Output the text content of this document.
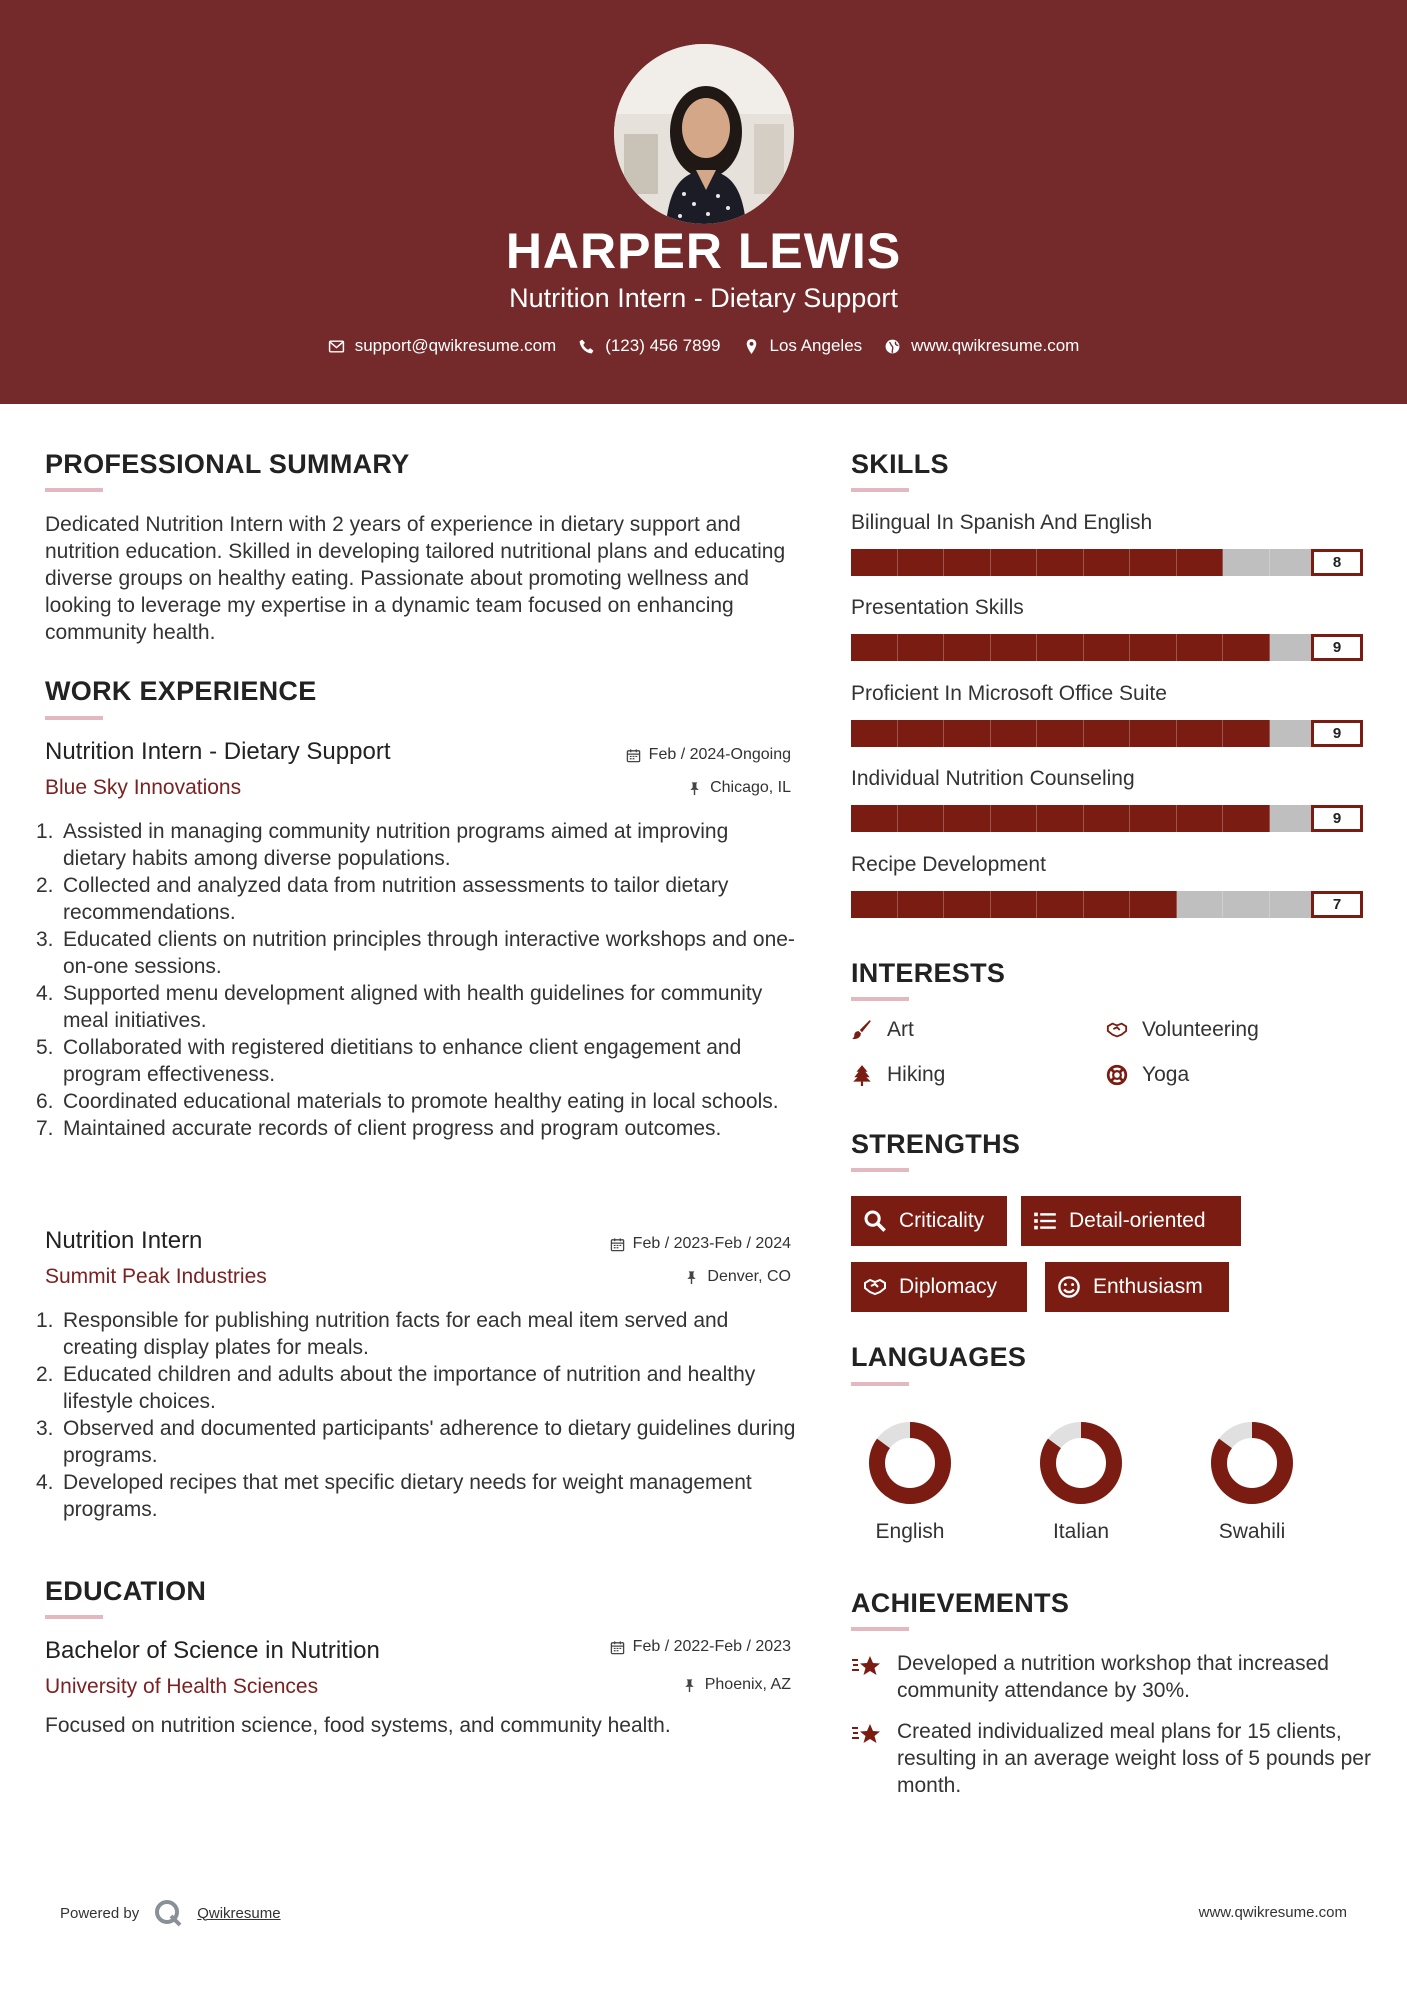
HARPER LEWIS
Nutrition Intern - Dietary Support
support@qwikresume.com	(123) 456 7899	Los Angeles	www.qwikresume.com
PROFESSIONAL SUMMARY
Dedicated Nutrition Intern with 2 years of experience in dietary support and nutrition education. Skilled in developing tailored nutritional plans and educating diverse groups on healthy eating. Passionate about promoting wellness and looking to leverage my expertise in a dynamic team focused on enhancing community health.
WORK EXPERIENCE
Nutrition Intern - Dietary Support	Feb / 2024-Ongoing
Blue Sky Innovations	Chicago, IL
1. Assisted in managing community nutrition programs aimed at improving dietary habits among diverse populations.
2. Collected and analyzed data from nutrition assessments to tailor dietary recommendations.
3. Educated clients on nutrition principles through interactive workshops and one-on-one sessions.
4. Supported menu development aligned with health guidelines for community meal initiatives.
5. Collaborated with registered dietitians to enhance client engagement and program effectiveness.
6. Coordinated educational materials to promote healthy eating in local schools.
7. Maintained accurate records of client progress and program outcomes.
Nutrition Intern	Feb / 2023-Feb / 2024
Summit Peak Industries	Denver, CO
1. Responsible for publishing nutrition facts for each meal item served and creating display plates for meals.
2. Educated children and adults about the importance of nutrition and healthy lifestyle choices.
3. Observed and documented participants' adherence to dietary guidelines during programs.
4. Developed recipes that met specific dietary needs for weight management programs.
EDUCATION
Bachelor of Science in Nutrition	Feb / 2022-Feb / 2023
University of Health Sciences	Phoenix, AZ
Focused on nutrition science, food systems, and community health.
SKILLS
Bilingual In Spanish And English
8
Presentation Skills
9
Proficient In Microsoft Office Suite
9
Individual Nutrition Counseling
9
Recipe Development
7
INTERESTS
Art	Volunteering
Hiking	Yoga
STRENGTHS
Criticality	Detail-oriented
Diplomacy	Enthusiasm
LANGUAGES
English	Italian	Swahili
ACHIEVEMENTS
Developed a nutrition workshop that increased community attendance by 30%.
Created individualized meal plans for 15 clients, resulting in an average weight loss of 5 pounds per month.
Powered by	Qwikresume	www.qwikresume.com
